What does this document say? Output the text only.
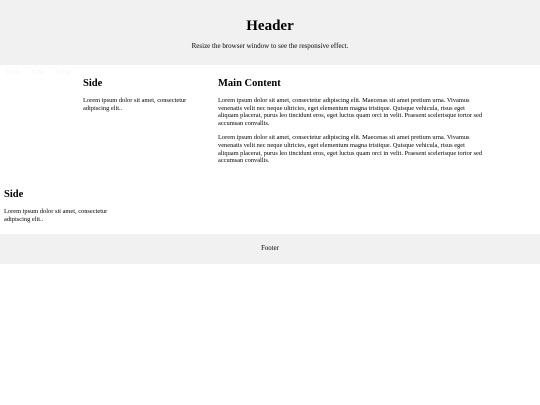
Header

Resize the browser window to see the responsive effect.

Link	Link	Link
Side

Lorem ipsum dolor sit amet, consectetur adipiscing elit..

Main Content

Lorem ipsum dolor sit amet, consectetur adipiscing elit. Maecenas sit amet pretium urna. Vivamus venenatis velit nec neque ultricies, eget elementum magna tristique. Quisque vehicula, risus eget aliquam placerat, purus leo tincidunt eros, eget luctus quam orci in velit. Praesent scelerisque tortor sed accumsan convallis.

Lorem ipsum dolor sit amet, consectetur adipiscing elit. Maecenas sit amet pretium urna. Vivamus venenatis velit nec neque ultricies, eget elementum magna tristique. Quisque vehicula, risus eget aliquam placerat, purus leo tincidunt eros, eget luctus quam orci in velit. Praesent scelerisque tortor sed accumsan convallis.

Side

Lorem ipsum dolor sit amet, consectetur adipiscing elit..

Footer
